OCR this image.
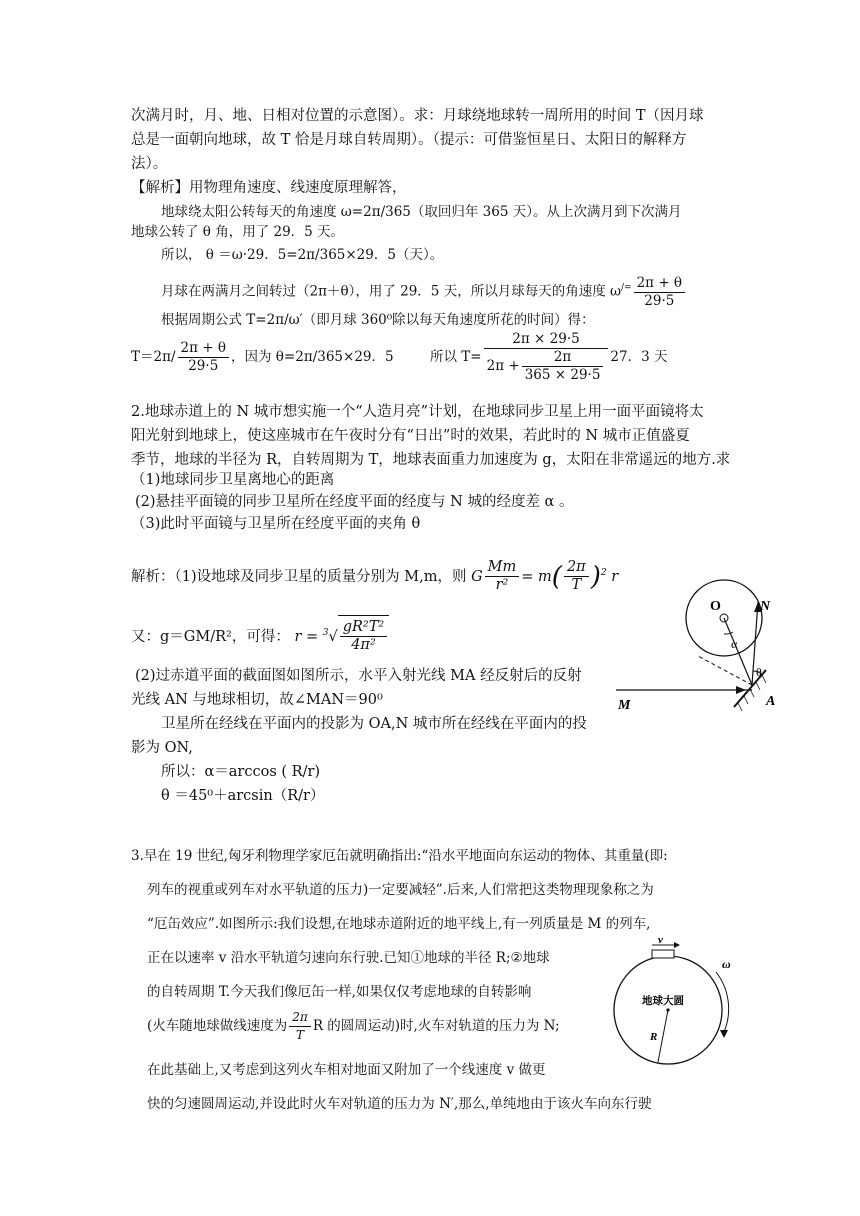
次满月时，月、地、日相对位置的示意图）。求：月球绕地球转一周所用的时间 T（因月球
总是一面朝向地球，故 T 恰是月球自转周期）。（提示：可借鉴恒星日、太阳日的解释方
法）。
【解析】用物理角速度、线速度原理解答，
地球绕太阳公转每天的角速度 ω=2π/365（取回归年 365 天）。从上次满月到下次满月
地球公转了 θ 角，用了 29．5 天。
所以， θ ＝ω·29．5=2π/365×29．5（天）。
月球在两满月之间转过（2π＋θ），用了 29．5 天，所以月球每天的角速度 $\omega^{/=} \frac{2\pi + \theta}{29\cdot 5}$
根据周期公式 T=2π/ω′（即月球 360⁰除以每天角速度所花的时间）得：
$T=2\pi/ \frac{2\pi + \theta}{29\cdot 5}$ ，因为 θ=2π/365×29．5	所以 $T= \frac{2\pi \times 29\cdot 5}{2\pi + \frac{2\pi}{365 \times 29\cdot 5}} 27$．3 天
2.地球赤道上的 N 城市想实施一个“人造月亮”计划，在地球同步卫星上用一面平面镜将太
阳光射到地球上，使这座城市在午夜时分有“日出”时的效果，若此时的 N 城市正值盛夏
季节，地球的半径为 R，自转周期为 T，地球表面重力加速度为 g，太阳在非常遥远的地方.求
（1)地球同步卫星离地心的距离
(2)悬挂平面镜的同步卫星所在经度平面的经度与 N 城的经度差 α 。
（3)此时平面镜与卫星所在经度平面的夹角 θ
解析：（1)设地球及同步卫星的质量分别为 M,m，则 G $\frac{Mm}{\text{r²}} = m( \frac{2\pi}{T} )^2$ r
又：g＝GM/R²，可得： $r = ^3√ \frac{\text{gR²T²}}{\text{4π²}}$
(2)过赤道平面的截面图如图所示，水平入射光线 MA 经反射后的反射
光线 AN 与地球相切，故∠MAN＝90⁰
卫星所在经线在平面内的投影为 OA,N 城市所在经线在平面内的投
影为 ON,
所以：α＝arccos ( R/r)
θ ＝45⁰＋arcsin（R/r）
O	N
α
θ
A
M
3.早在 19 世纪,匈牙利物理学家厄缶就明确指出:“沿水平地面向东运动的物体、其重量(即:
列车的视重或列车对水平轨道的压力)一定要减轻”.后来,人们常把这类物理现象称之为
“厄缶效应”.如图所示:我们设想,在地球赤道附近的地平线上,有一列质量是 M 的列车,
正在以速率 v 沿水平轨道匀速向东行驶.已知①地球的半径 R;②地球
的自转周期 T.今天我们像厄缶一样,如果仅仅考虑地球的自转影响
(火车随地球做线速度为 $\frac{2\pi}{T}$ R 的圆周运动)时,火车对轨道的压力为 N;
在此基础上,又考虑到这列火车相对地面又附加了一个线速度 v 做更
快的匀速圆周运动,并设此时火车对轨道的压力为 N′,那么,单纯地由于该火车向东行驶
v
ω
地球大圆
R
